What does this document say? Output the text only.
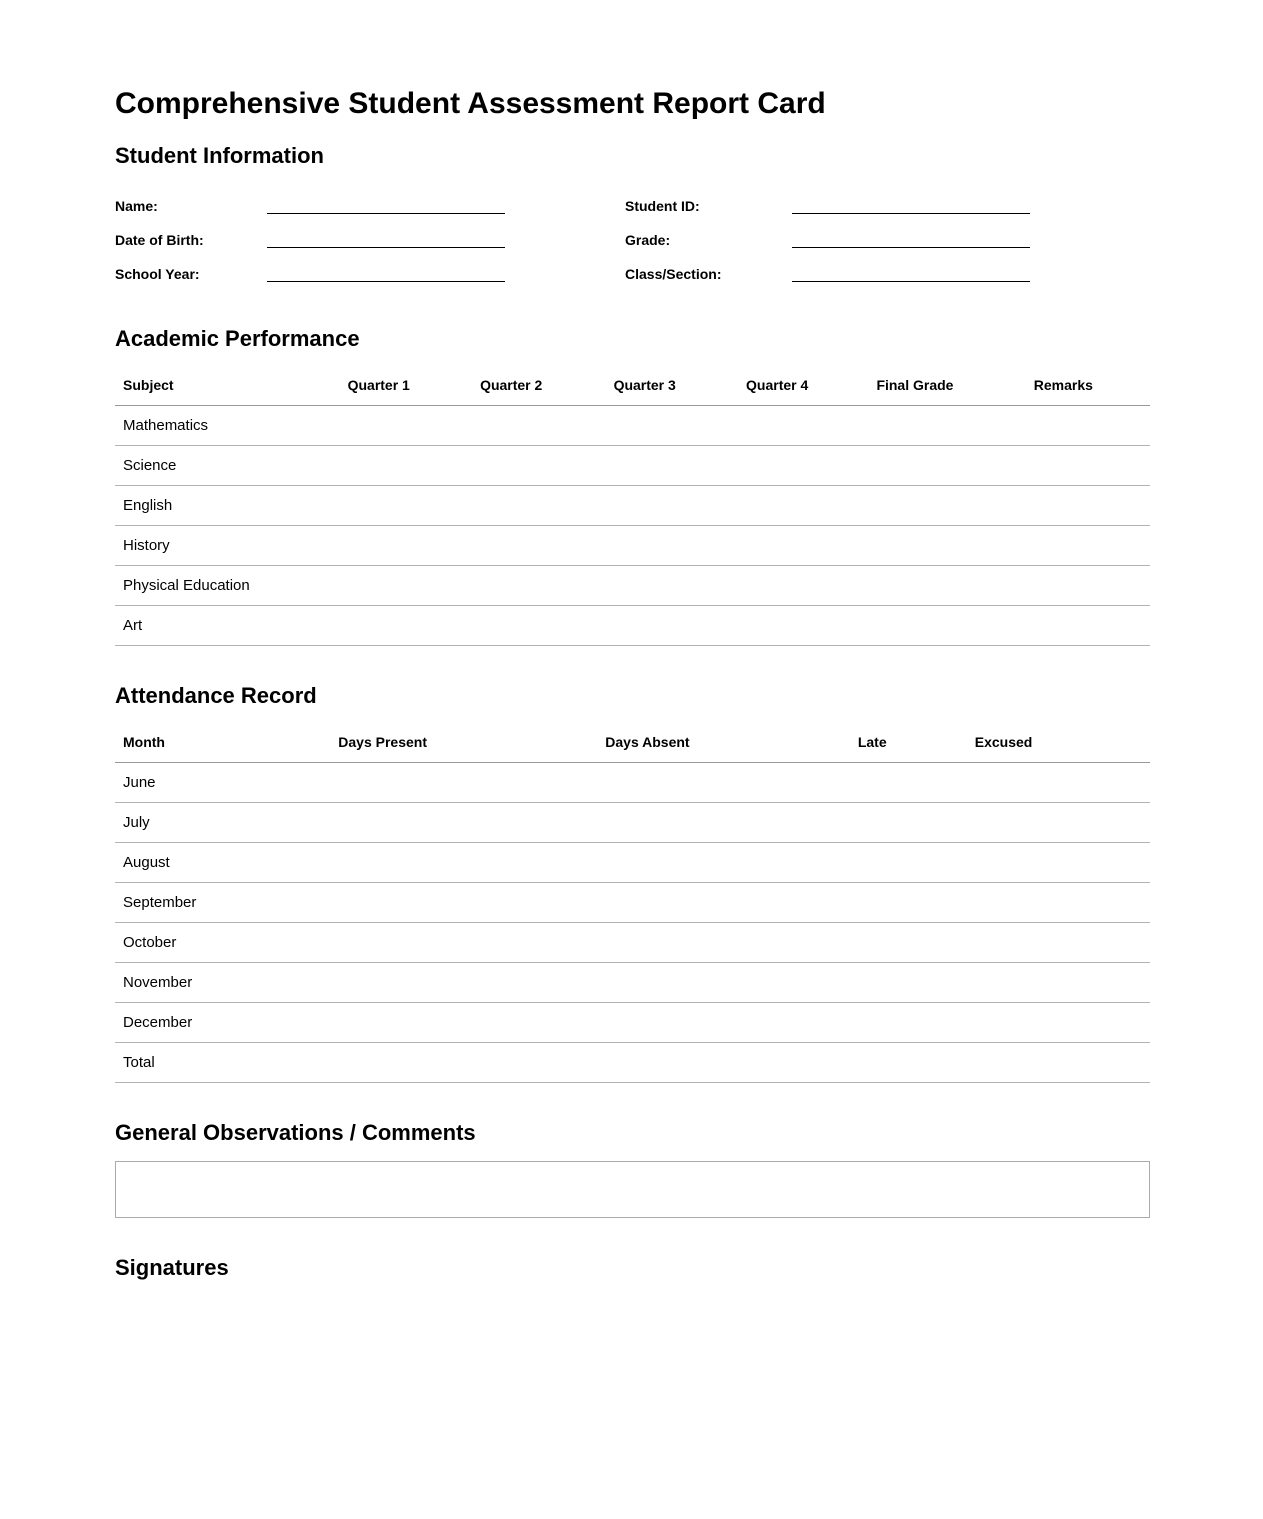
Comprehensive Student Assessment Report Card
Student Information
Name:	Student ID:
Date of Birth:	Grade:
School Year:	Class/Section:
Academic Performance
Subject	Quarter 1	Quarter 2	Quarter 3	Quarter 4	Final Grade	Remarks
Mathematics						
Science						
English						
History						
Physical Education						
Art						
Attendance Record
Month	Days Present	Days Absent	Late	Excused
June				
July				
August				
September				
October				
November				
December				
Total				
General Observations / Comments
Signatures
